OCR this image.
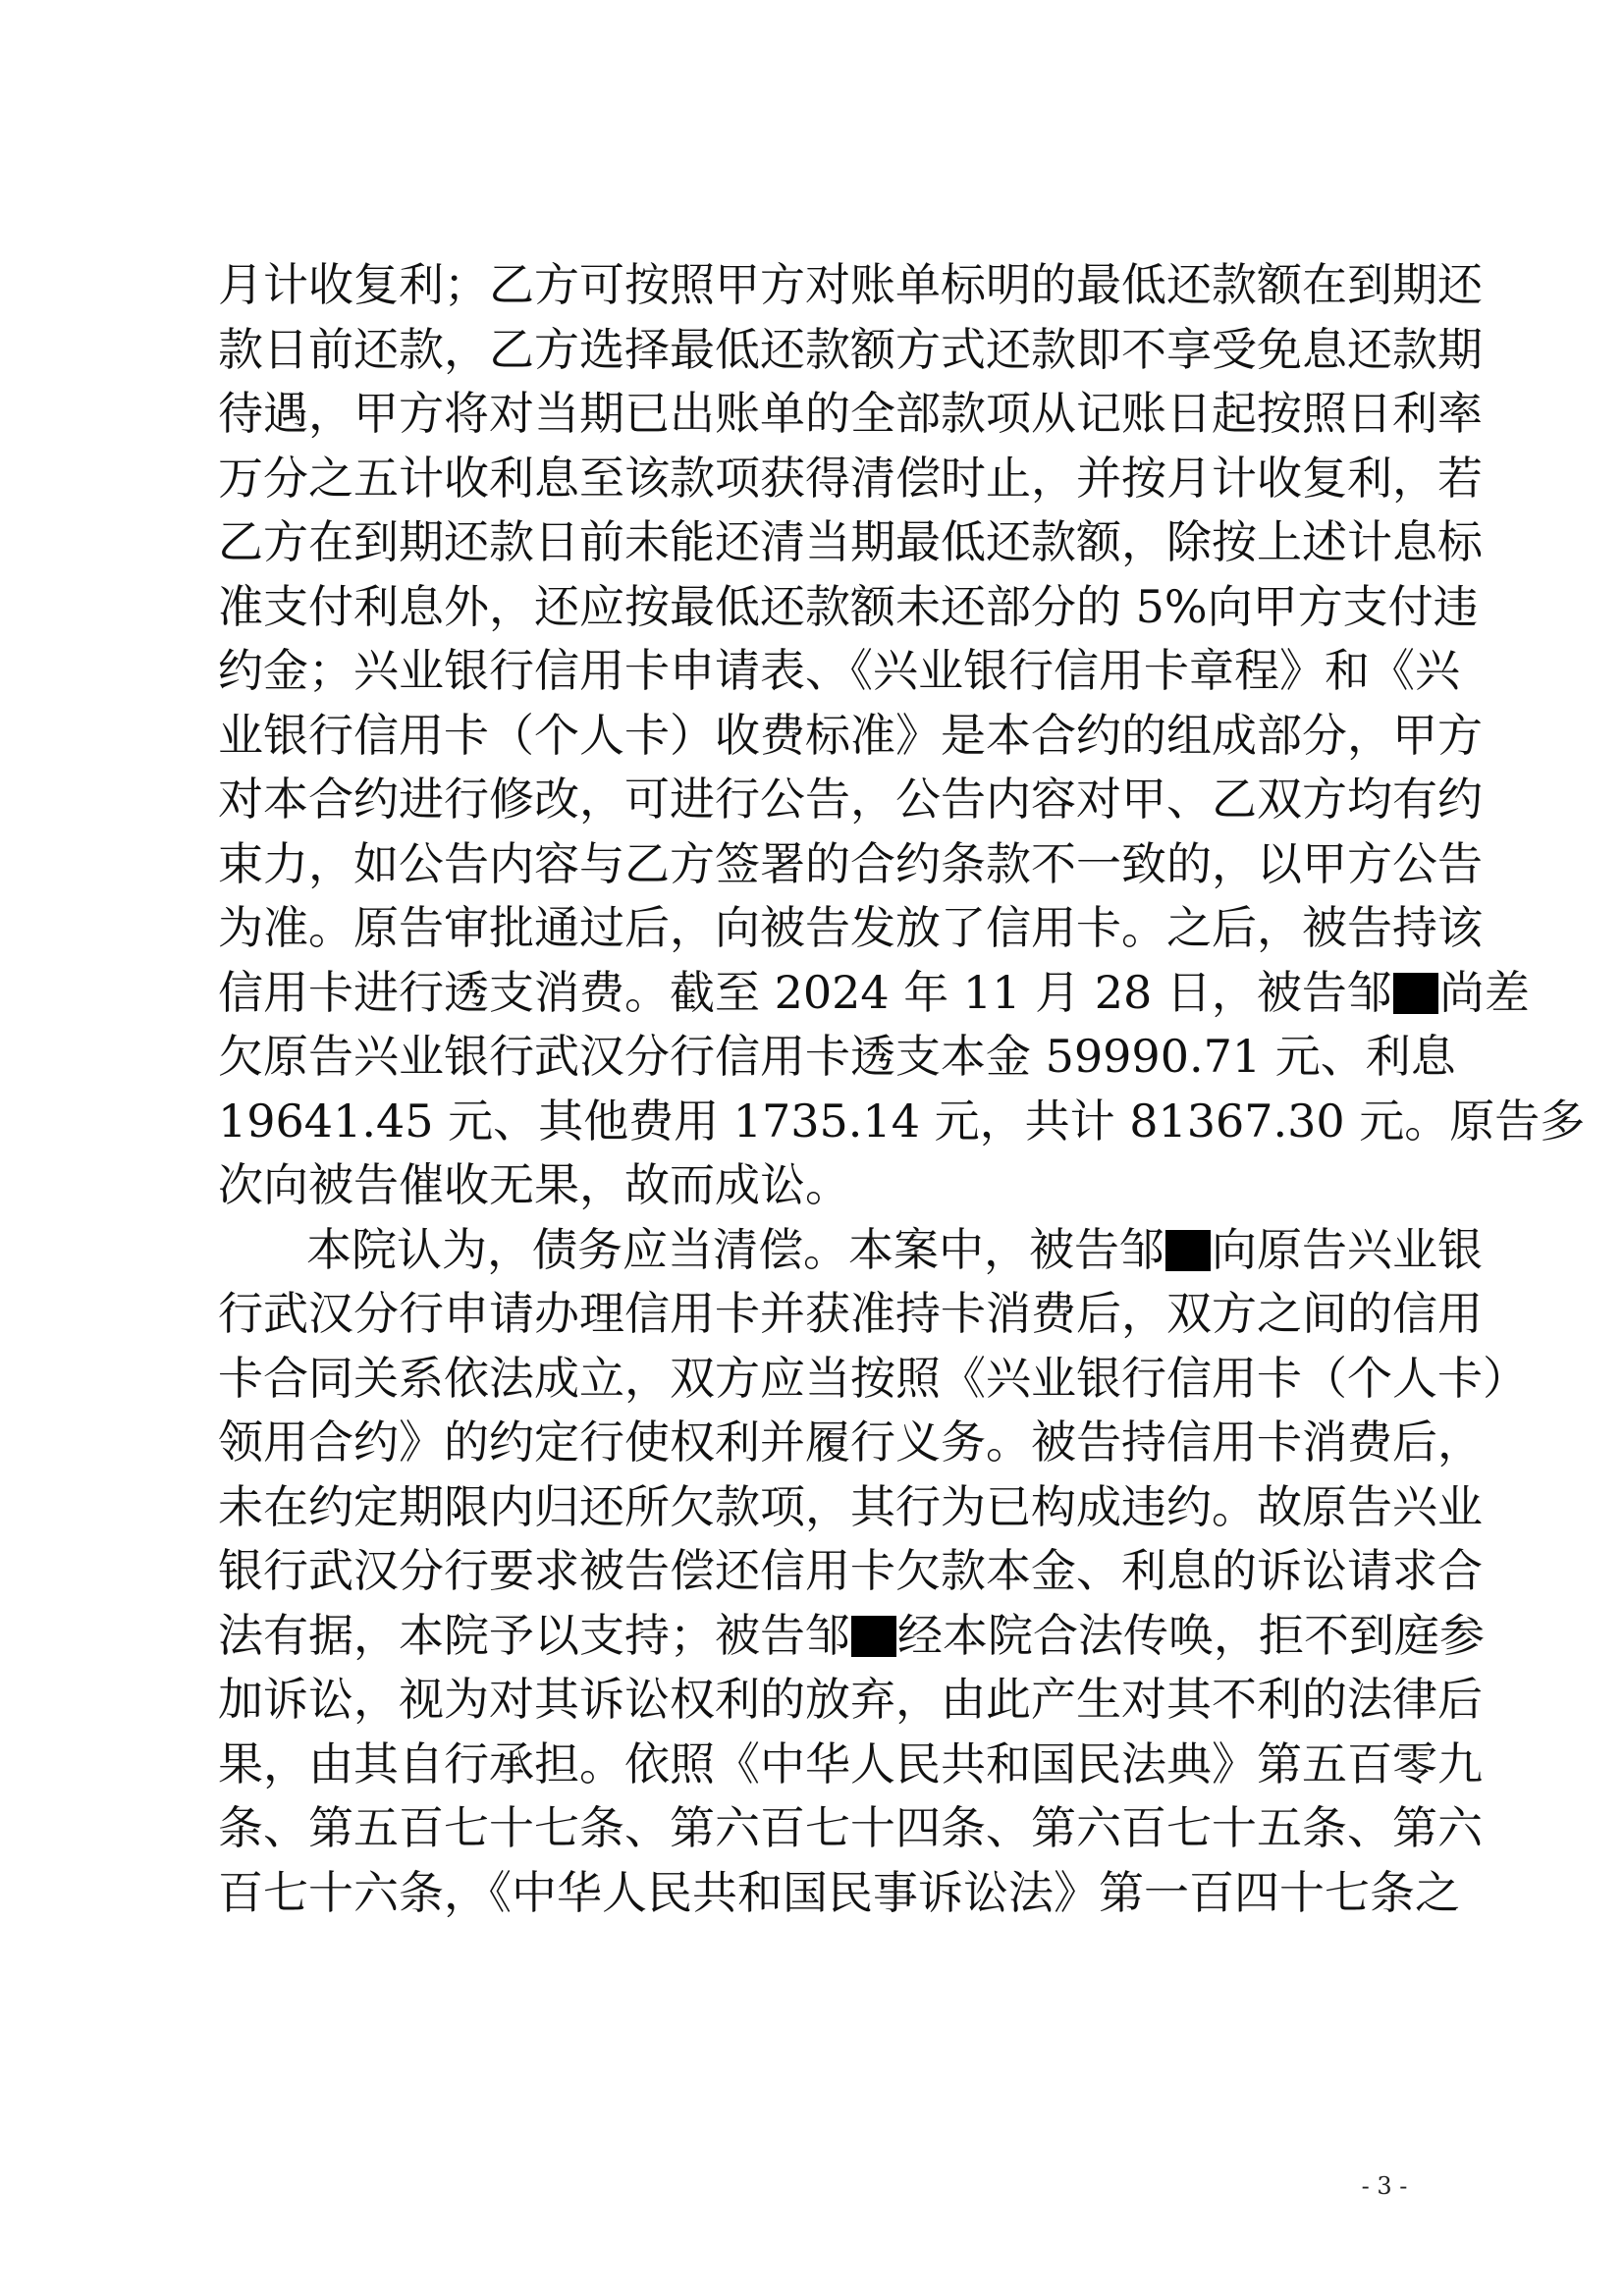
月计收复利；乙方可按照甲方对账单标明的最低还款额在到期还
款日前还款，乙方选择最低还款额方式还款即不享受免息还款期
待遇，甲方将对当期已出账单的全部款项从记账日起按照日利率
万分之五计收利息至该款项获得清偿时止，并按月计收复利，若
乙方在到期还款日前未能还清当期最低还款额，除按上述计息标
准支付利息外，还应按最低还款额未还部分的 5%向甲方支付违
约金；兴业银行信用卡申请表、《兴业银行信用卡章程》和《兴
业银行信用卡（个人卡）收费标准》是本合约的组成部分，甲方
对本合约进行修改，可进行公告，公告内容对甲、乙双方均有约
束力，如公告内容与乙方签署的合约条款不一致的，以甲方公告
为准。原告审批通过后，向被告发放了信用卡。之后，被告持该
信用卡进行透支消费。截至 2024 年 11 月 28 日，被告邹 尚差
欠原告兴业银行武汉分行信用卡透支本金 59990.71 元、利息
19641.45 元、其他费用 1735.14 元，共计 81367.30 元。原告多
次向被告催收无果，故而成讼。
本院认为，债务应当清偿。本案中，被告邹 向原告兴业银
行武汉分行申请办理信用卡并获准持卡消费后，双方之间的信用
卡合同关系依法成立，双方应当按照《兴业银行信用卡（个人卡）
领用合约》的约定行使权利并履行义务。被告持信用卡消费后，
未在约定期限内归还所欠款项，其行为已构成违约。故原告兴业
银行武汉分行要求被告偿还信用卡欠款本金、利息的诉讼请求合
法有据，本院予以支持；被告邹 经本院合法传唤，拒不到庭参
加诉讼，视为对其诉讼权利的放弃，由此产生对其不利的法律后
果，由其自行承担。依照《中华人民共和国民法典》第五百零九
条、第五百七十七条、第六百七十四条、第六百七十五条、第六
百七十六条，《中华人民共和国民事诉讼法》第一百四十七条之
- 3 -
